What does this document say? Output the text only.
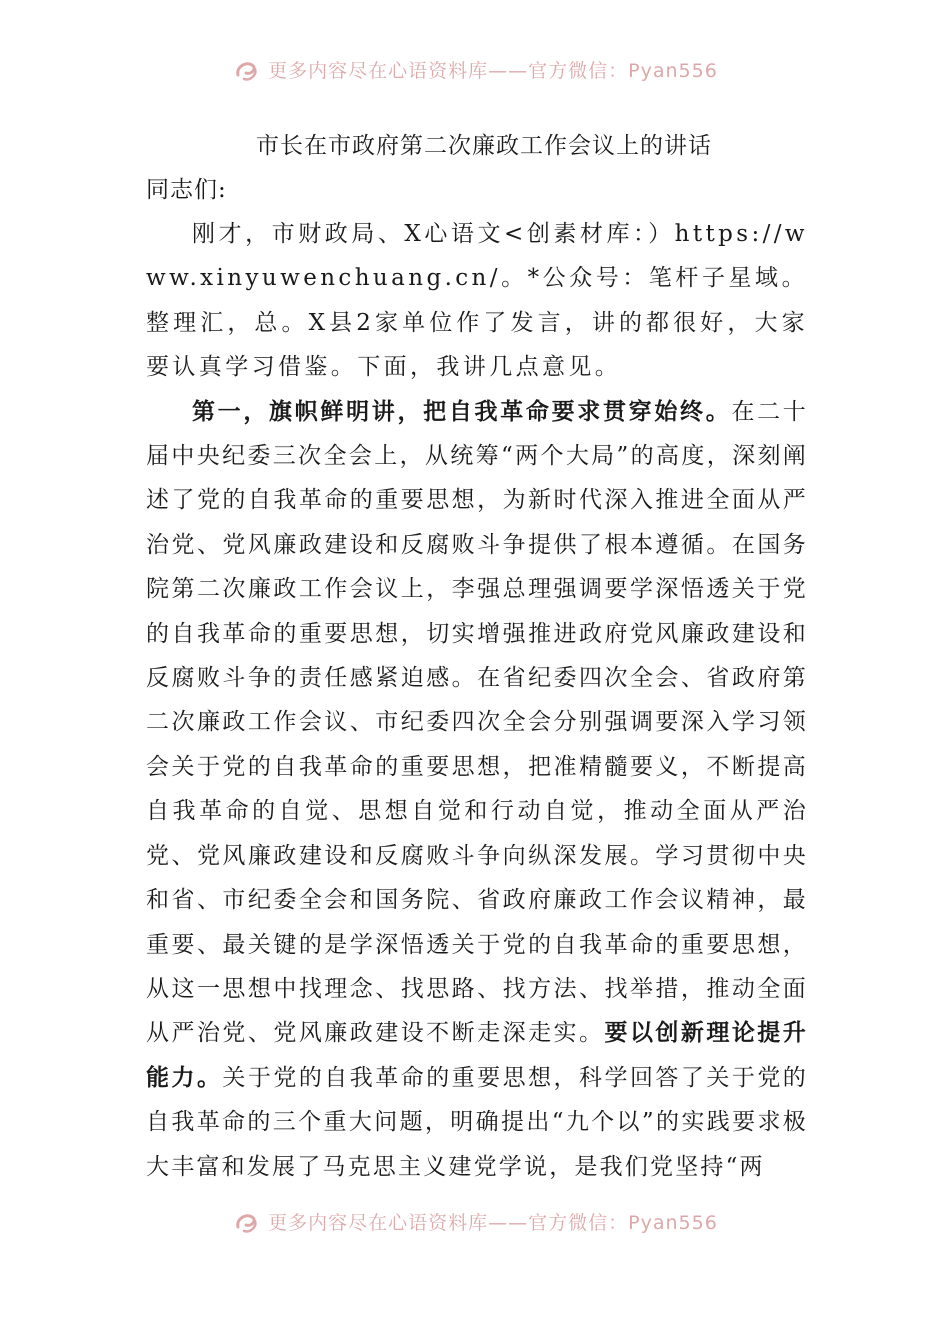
更多内容尽在心语资料库——官方微信：Pyan556
市长在市政府第二次廉政工作会议上的讲话

同志们:

刚才，市财政局、X心语文<创素材库：）https://www.xinyuwenchuang.cn/。*公众号：笔杆子星域。整理汇，总。X县2家单位作了发言，讲的都很好，大家要认真学习借鉴。下面，我讲几点意见。

第一，旗帜鲜明讲，把自我革命要求贯穿始终。在二十届中央纪委三次全会上，从统筹“两个大局”的高度，深刻阐述了党的自我革命的重要思想，为新时代深入推进全面从严治党、党风廉政建设和反腐败斗争提供了根本遵循。在国务院第二次廉政工作会议上，李强总理强调要学深悟透关于党的自我革命的重要思想，切实增强推进政府党风廉政建设和反腐败斗争的责任感紧迫感。在省纪委四次全会、省政府第二次廉政工作会议、市纪委四次全会分别强调要深入学习领会关于党的自我革命的重要思想，把准精髓要义，不断提高自我革命的自觉、思想自觉和行动自觉，推动全面从严治党、党风廉政建设和反腐败斗争向纵深发展。学习贯彻中央和省、市纪委全会和国务院、省政府廉政工作会议精神，最重要、最关键的是学深悟透关于党的自我革命的重要思想，从这一思想中找理念、找思路、找方法、找举措，推动全面从严治党、党风廉政建设不断走深走实。要以创新理论提升能力。关于党的自我革命的重要思想，科学回答了关于党的自我革命的三个重大问题，明确提出“九个以”的实践要求极大丰富和发展了马克思主义建党学说，是我们党坚持“两

更多内容尽在心语资料库——官方微信：Pyan556
